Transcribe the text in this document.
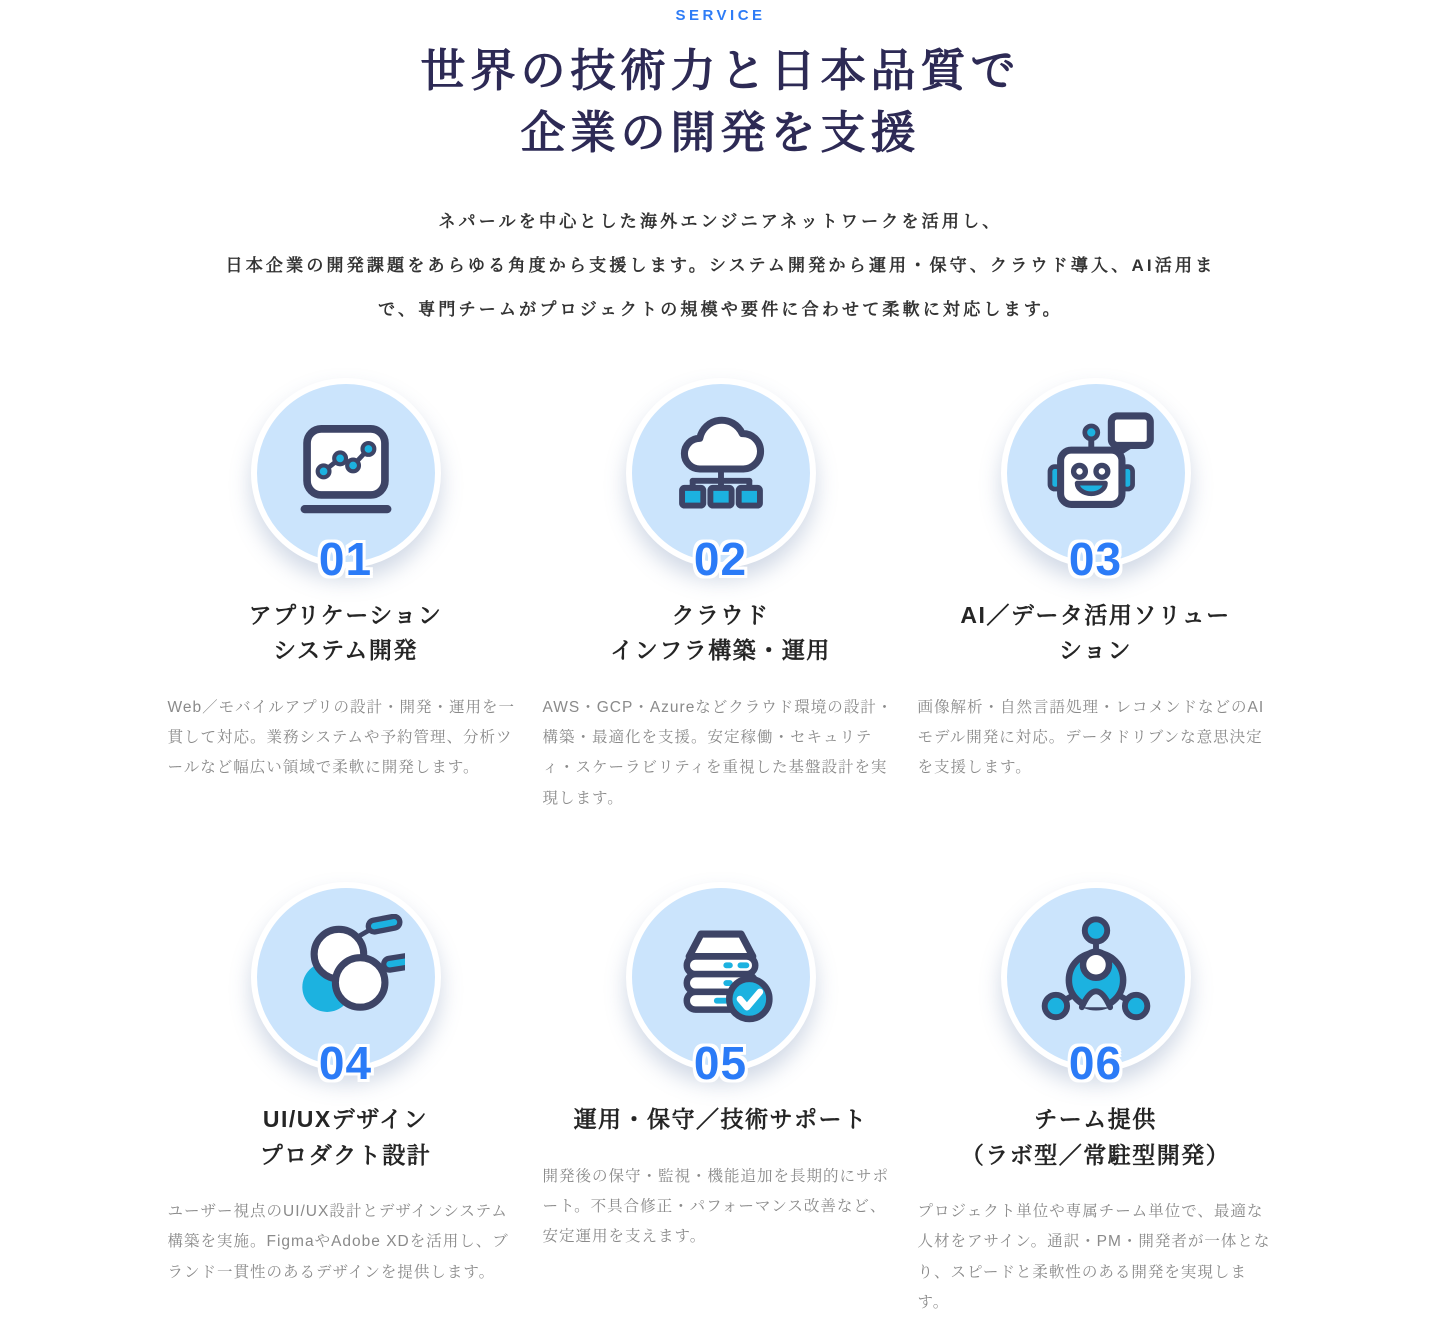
SERVICE
世界の技術力と日本品質で
企業の開発を支援

ネパールを中心とした海外エンジニアネットワークを活用し、
日本企業の開発課題をあらゆる角度から支援します。システム開発から運用・保守、クラウド導入、AI活用まで、専門チームがプロジェクトの規模や要件に合わせて柔軟に対応します。

01
アプリケーション
システム開発

Web／モバイルアプリの設計・開発・運用を一貫して対応。業務システムや予約管理、分析ツールなど幅広い領域で柔軟に開発します。

02
クラウド
インフラ構築・運用

AWS・GCP・Azureなどクラウド環境の設計・構築・最適化を支援。安定稼働・セキュリティ・スケーラビリティを重視した基盤設計を実現します。

03
AI／データ活用ソリュー
ション

画像解析・自然言語処理・レコメンドなどのAIモデル開発に対応。データドリブンな意思決定を支援します。

04
UI/UXデザイン
プロダクト設計

ユーザー視点のUI/UX設計とデザインシステム構築を実施。FigmaやAdobe XDを活用し、ブランド一貫性のあるデザインを提供します。

05
運用・保守／技術サポート

開発後の保守・監視・機能追加を長期的にサポート。不具合修正・パフォーマンス改善など、安定運用を支えます。

06
チーム提供
（ラボ型／常駐型開発）

プロジェクト単位や専属チーム単位で、最適な人材をアサイン。通訳・PM・開発者が一体となり、スピードと柔軟性のある開発を実現します。
